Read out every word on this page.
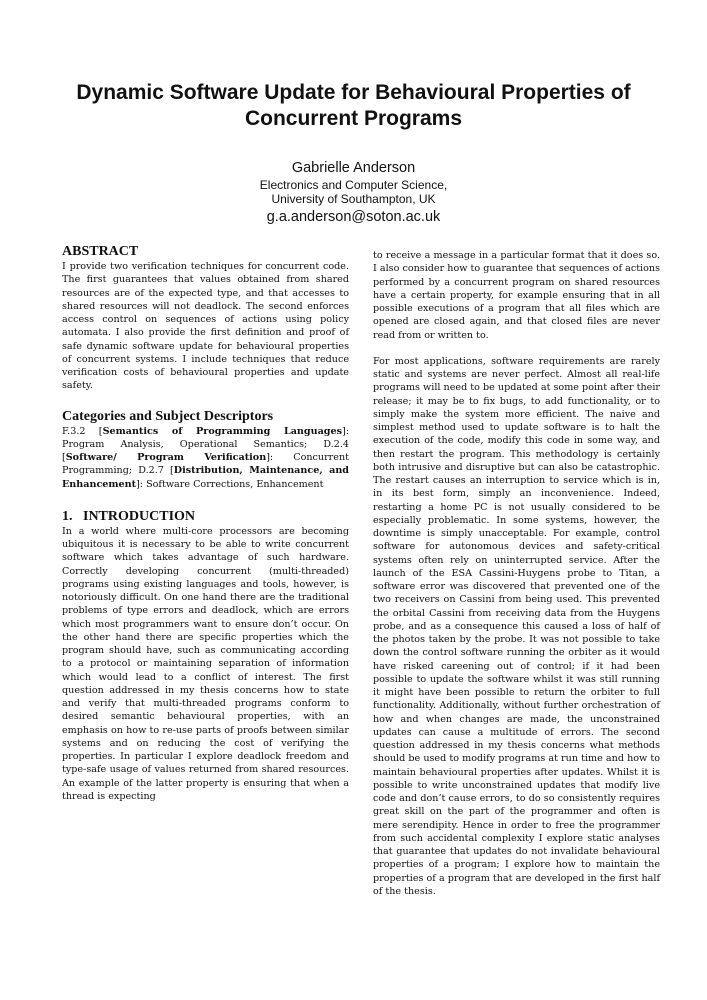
Dynamic Software Update for Behavioural Properties of Concurrent Programs
Gabrielle Anderson
Electronics and Computer Science,
University of Southampton, UK
g.a.anderson@soton.ac.uk
ABSTRACT

I provide two verification techniques for concurrent code. The first guarantees that values obtained from shared resources are of the expected type, and that accesses to shared resources will not deadlock. The second enforces access control on sequences of actions using policy automata. I also provide the first definition and proof of safe dynamic software update for behavioural properties of concurrent systems. I include techniques that reduce verification costs of behavioural properties and update safety.

Categories and Subject Descriptors

F.3.2 [Semantics of Programming Languages]: Program Analysis, Operational Semantics; D.2.4 [Software/ Program Verification]: Concurrent Programming; D.2.7 [Distribution, Maintenance, and Enhancement]: Software Corrections, Enhancement

1.   INTRODUCTION

In a world where multi-core processors are becoming ubiquitous it is necessary to be able to write concurrent software which takes advantage of such hardware. Correctly developing concurrent (multi-threaded) programs using existing languages and tools, however, is notoriously difficult. On one hand there are the traditional problems of type errors and deadlock, which are errors which most programmers want to ensure don’t occur. On the other hand there are specific properties which the program should have, such as communicating according to a protocol or maintaining separation of information which would lead to a conflict of interest. The first question addressed in my thesis concerns how to state and verify that multi-threaded programs conform to desired semantic behavioural properties, with an emphasis on how to re-use parts of proofs between similar systems and on reducing the cost of verifying the properties. In particular I explore deadlock freedom and type-safe usage of values returned from shared resources. An example of the latter property is ensuring that when a thread is expecting

to receive a message in a particular format that it does so. I also consider how to guarantee that sequences of actions performed by a concurrent program on shared resources have a certain property, for example ensuring that in all possible executions of a program that all files which are opened are closed again, and that closed files are never read from or written to.

For most applications, software requirements are rarely static and systems are never perfect. Almost all real-life programs will need to be updated at some point after their release; it may be to fix bugs, to add functionality, or to simply make the system more efficient. The naive and simplest method used to update software is to halt the execution of the code, modify this code in some way, and then restart the program. This methodology is certainly both intrusive and disruptive but can also be catastrophic. The restart causes an interruption to service which is in, in its best form, simply an inconvenience. Indeed, restarting a home PC is not usually considered to be especially problematic. In some systems, however, the downtime is simply unacceptable. For example, control software for autonomous devices and safety-critical systems often rely on uninterrupted service. After the launch of the ESA Cassini-Huygens probe to Titan, a software error was discovered that prevented one of the two receivers on Cassini from being used. This prevented the orbital Cassini from receiving data from the Huygens probe, and as a consequence this caused a loss of half of the photos taken by the probe. It was not possible to take down the control software running the orbiter as it would have risked careening out of control; if it had been possible to update the software whilst it was still running it might have been possible to return the orbiter to full functionality. Additionally, without further orchestration of how and when changes are made, the unconstrained updates can cause a multitude of errors. The second question addressed in my thesis concerns what methods should be used to modify programs at run time and how to maintain behavioural properties after updates. Whilst it is possible to write unconstrained updates that modify live code and don’t cause errors, to do so consistently requires great skill on the part of the programmer and often is mere serendipity. Hence in order to free the programmer from such accidental complexity I explore static analyses that guarantee that updates do not invalidate behavioural properties of a program; I explore how to maintain the properties of a program that are developed in the first half of the thesis.
